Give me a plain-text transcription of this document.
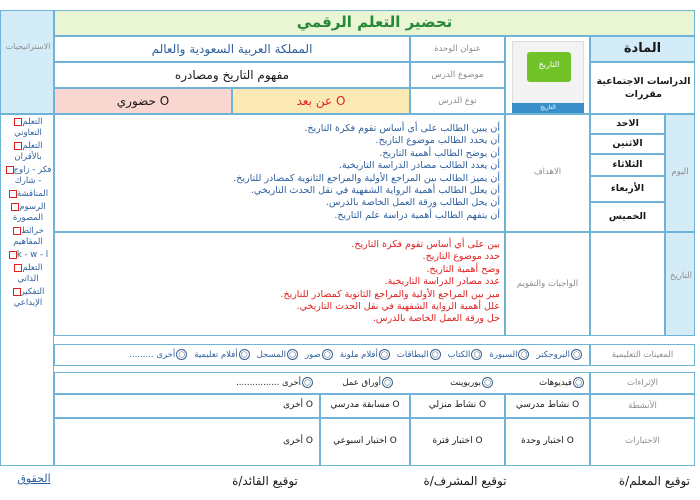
الاستراتيجيات
التعلم التعاوني
التعلم بالأقران
فكر - زاوج - شارك
المناقشة
الرسوم المصورة
خرائط المفاهيم
k - w - l
التعلم الذاتي
التفكير الإبداعي
تحضير التعلم الرقمي
المادة
الدراسات الاجتماعية مقررات
التاريخ
التاريخ
عنوان الوحدة
المملكة العربية السعودية والعالم
موضوع الدرس
مفهوم التاريخ ومصادره
نوع الدرس
عن بعد O
حضوري O
اليوم
التاريخ
الاحد
الاثنين
الثلاثاء
الأربعاء
الخميس
الاهداف
أن يبين الطالب على أي أساس تقوم فكرة التاريخ.
أن يحدد الطالب موضوع التاريخ.
أن يوضح الطالب أهمية التاريخ.
أن يعدد الطالب مصادر الدراسة التاريخية.
أن يميز الطالب بين المراجع الأولية والمراجع الثانوية كمصادر للتاريخ.
أن يعلل الطالب أهمية الرواية الشفهية في نقل الحدث التاريخي.
أن يحل الطالب ورقة العمل الخاصة بالدرس.
أن يتفهم الطالب أهمية دراسة علم التاريخ.
الواجبات والتقويم
بين على أي أساس تقوم فكرة التاريخ.
حدد موضوع التاريخ.
وضح أهمية التاريخ.
عدد مصادر الدراسة التاريخية.
ميز بين المراجع الأولية والمراجع الثانوية كمصادر للتاريخ.
علل أهمية الرواية الشفهية في نقل الحدث التاريخي.
حل ورقة العمل الخاصة بالدرس.
المعينات التعليمية
◯البروجكتر◯السبورة◯الكتاب◯البطاقات◯أفلام ملونة◯صور◯المسجل◯أفلام تعليمية◯أخرى .........
الإثراءات
◯فيديوهات
◯بوربوينت
◯أوراق عمل
◯أخرى ................
الأنشطة
نشاط مدرسي O
نشاط منزلي O
مسابقة مدرسي O
أخرى O
الاختبارات
اختبار وحدة O
اختبار فترة O
اختبار اسبوعي O
أخرى O
توقيع المعلم/ة
توقيع المشرف/ة
توقيع القائد/ة
الحقوق
